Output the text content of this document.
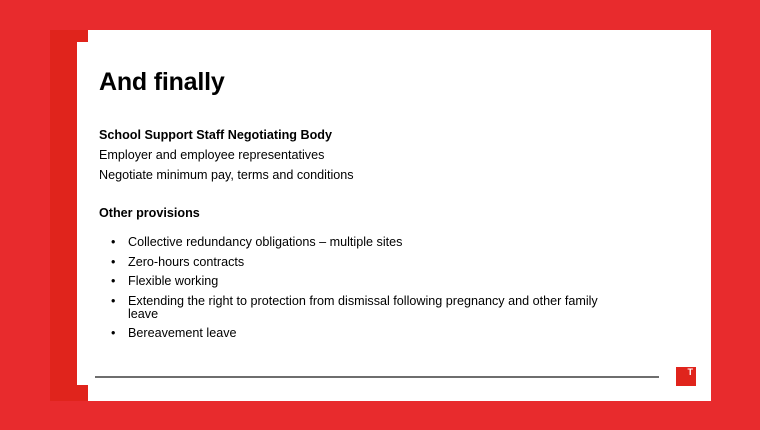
And finally
School Support Staff Negotiating Body
Employer and employee representatives
Negotiate minimum pay, terms and conditions
Other provisions
• Collective redundancy obligations – multiple sites
• Zero-hours contracts
• Flexible working
• Extending the right to protection from dismissal following pregnancy and other family leave
• Bereavement leave
T
